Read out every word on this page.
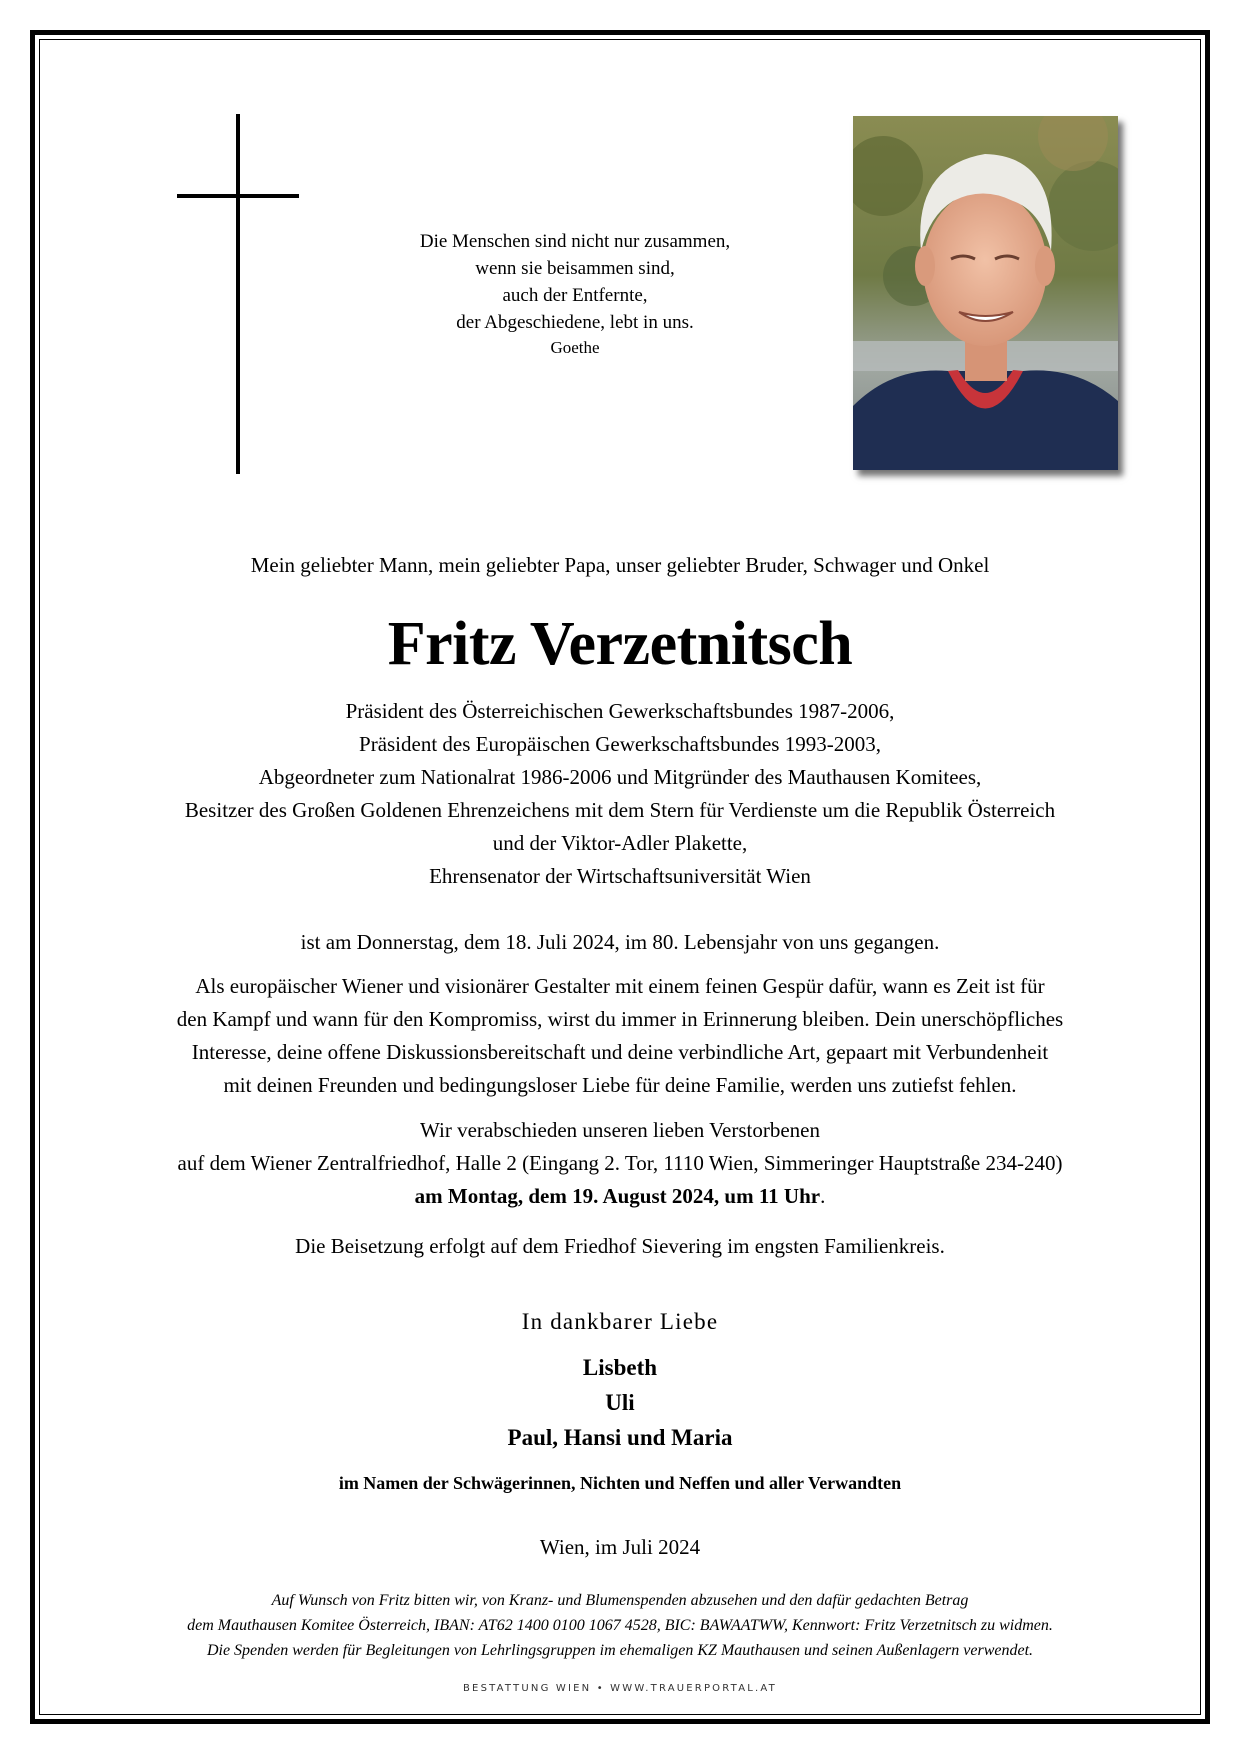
Die Menschen sind nicht nur zusammen,
wenn sie beisammen sind,
auch der Entfernte,
der Abgeschiedene, lebt in uns.
Goethe
Mein geliebter Mann, mein geliebter Papa, unser geliebter Bruder, Schwager und Onkel
Fritz Verzetnitsch
Präsident des Österreichischen Gewerkschaftsbundes 1987-2006,
Präsident des Europäischen Gewerkschaftsbundes 1993-2003,
Abgeordneter zum Nationalrat 1986-2006 und Mitgründer des Mauthausen Komitees,
Besitzer des Großen Goldenen Ehrenzeichens mit dem Stern für Verdienste um die Republik Österreich
und der Viktor-Adler Plakette,
Ehrensenator der Wirtschaftsuniversität Wien
ist am Donnerstag, dem 18. Juli 2024, im 80. Lebensjahr von uns gegangen.
Als europäischer Wiener und visionärer Gestalter mit einem feinen Gespür dafür, wann es Zeit ist für
den Kampf und wann für den Kompromiss, wirst du immer in Erinnerung bleiben. Dein unerschöpfliches
Interesse, deine offene Diskussionsbereitschaft und deine verbindliche Art, gepaart mit Verbundenheit
mit deinen Freunden und bedingungsloser Liebe für deine Familie, werden uns zutiefst fehlen.
Wir verabschieden unseren lieben Verstorbenen
auf dem Wiener Zentralfriedhof, Halle 2 (Eingang 2. Tor, 1110 Wien, Simmeringer Hauptstraße 234-240)
am Montag, dem 19. August 2024, um 11 Uhr.
Die Beisetzung erfolgt auf dem Friedhof Sievering im engsten Familienkreis.
In dankbarer Liebe
Lisbeth
Uli
Paul, Hansi und Maria
im Namen der Schwägerinnen, Nichten und Neffen und aller Verwandten
Wien, im Juli 2024
Auf Wunsch von Fritz bitten wir, von Kranz- und Blumenspenden abzusehen und den dafür gedachten Betrag
dem Mauthausen Komitee Österreich, IBAN: AT62 1400 0100 1067 4528, BIC: BAWAATWW, Kennwort: Fritz Verzetnitsch zu widmen.
Die Spenden werden für Begleitungen von Lehrlingsgruppen im ehemaligen KZ Mauthausen und seinen Außenlagern verwendet.
BESTATTUNG WIEN • WWW.TRAUERPORTAL.AT
